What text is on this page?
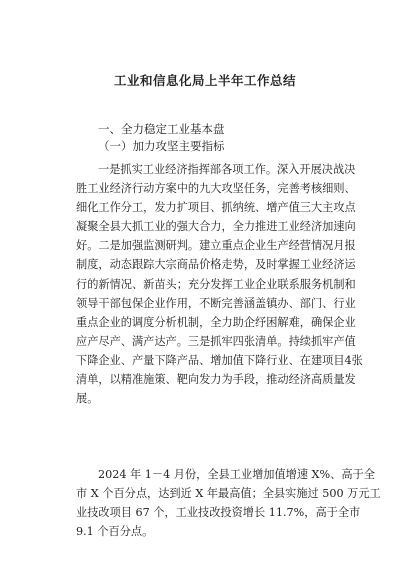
工业和信息化局上半年工作总结
一、全力稳定工业基本盘
（一）加力攻坚主要指标
一是抓实工业经济指挥部各项工作。深入开展决战决
胜工业经济行动方案中的九大攻坚任务，完善考核细则、
细化工作分工，发力扩项目、抓纳统、增产值三大主攻点
凝聚全县大抓工业的强大合力，全力推进工业经济加速向
好。二是加强监测研判。建立重点企业生产经营情况月报
制度，动态跟踪大宗商品价格走势，及时掌握工业经济运
行的新情况、新苗头；充分发挥工业企业联系服务机制和
领导干部包保企业作用，不断完善涵盖镇办、部门、行业
重点企业的调度分析机制，全力助企纾困解难，确保企业
应产尽产、满产达产。三是抓牢四张清单。持续抓牢产值
下降企业、产量下降产品、增加值下降行业、在建项目4张
清单，以精准施策、靶向发力为手段，推动经济高质量发
展。
2024 年 1－4 月份，全县工业增加值增速 X%、高于全
市 X 个百分点，达到近 X 年最高值；全县实施过 500 万元工
业技改项目 67 个，工业技改投资增长 11.7%，高于全市
9.1 个百分点。
